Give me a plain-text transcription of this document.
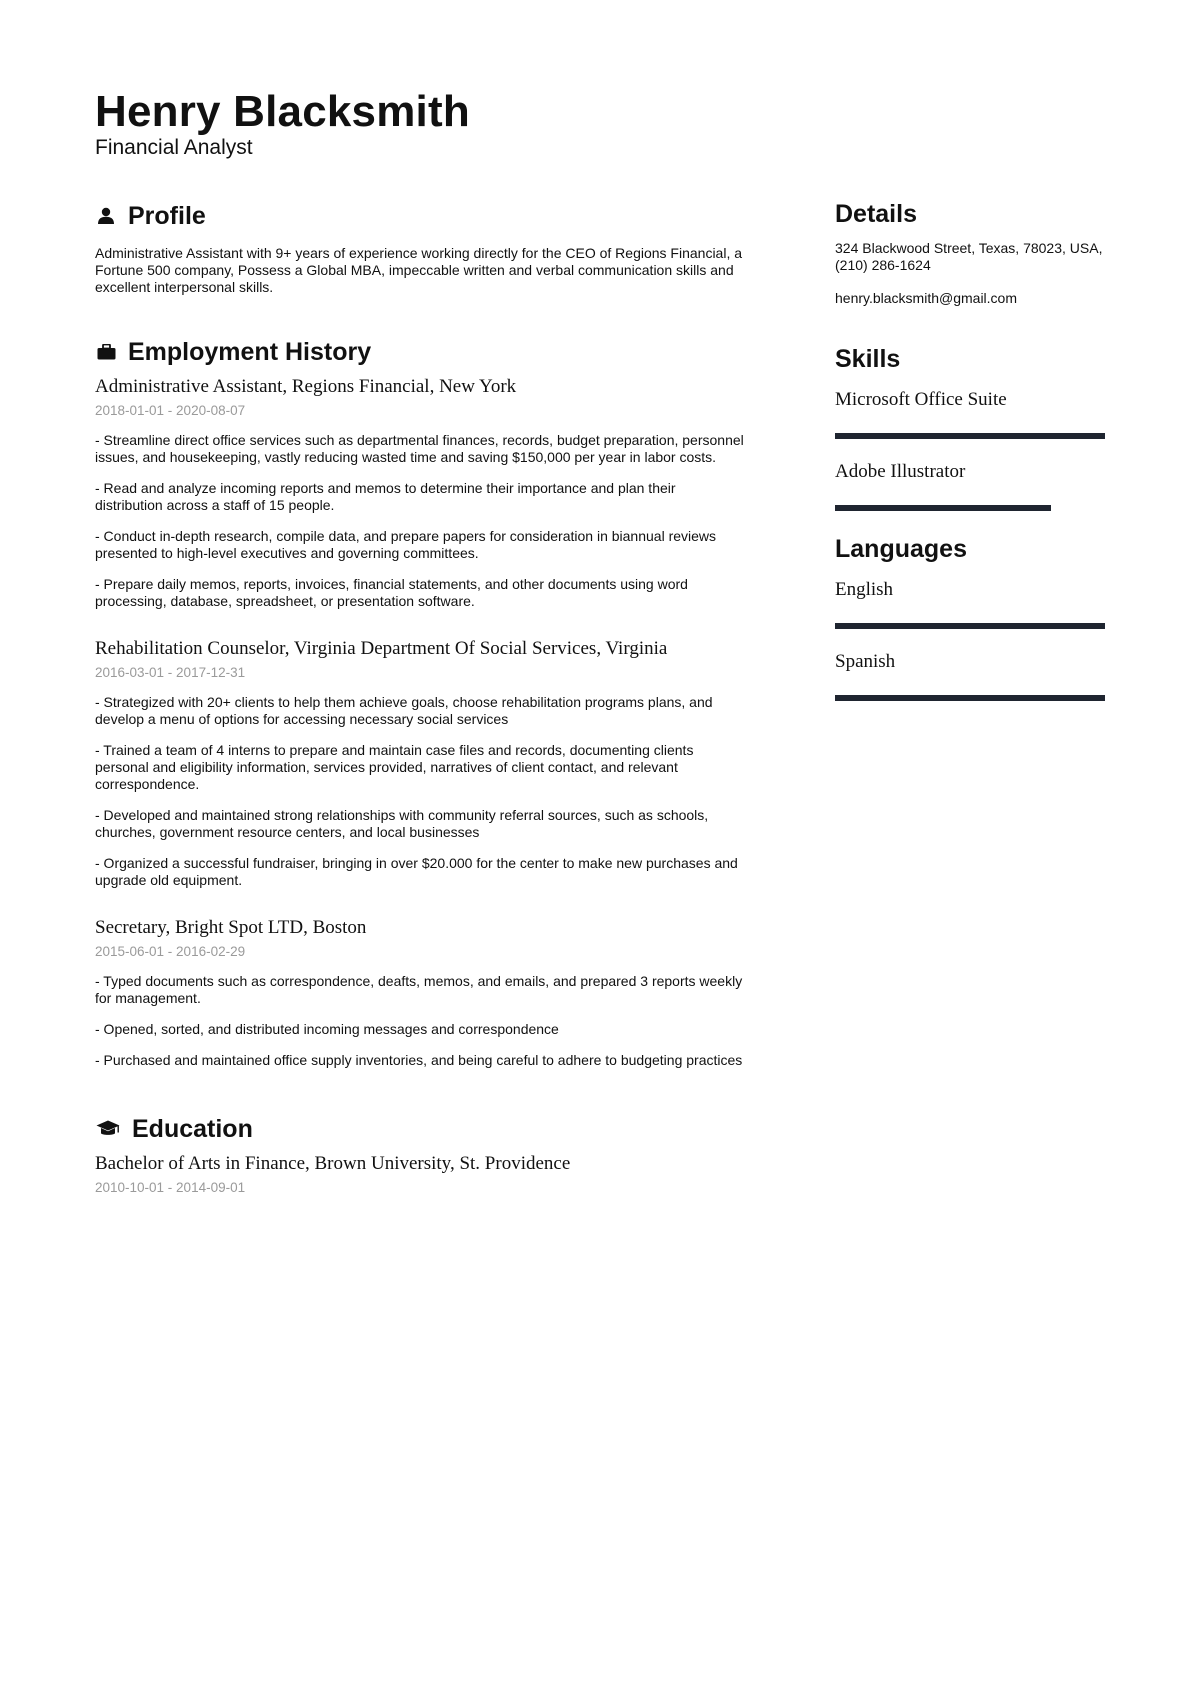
Henry Blacksmith
Financial Analyst
Profile

Administrative Assistant with 9+ years of experience working directly for the CEO of Regions Financial, a Fortune 500 company, Possess a Global MBA, impeccable written and verbal communication skills and excellent interpersonal skills.

Employment History

Administrative Assistant, Regions Financial, New York

2018-01-01 - 2020-08-07

- Streamline direct office services such as departmental finances, records, budget preparation, personnel issues, and housekeeping, vastly reducing wasted time and saving $150,000 per year in labor costs.

- Read and analyze incoming reports and memos to determine their importance and plan their distribution across a staff of 15 people.

- Conduct in-depth research, compile data, and prepare papers for consideration in biannual reviews presented to high-level executives and governing committees.

- Prepare daily memos, reports, invoices, financial statements, and other documents using word processing, database, spreadsheet, or presentation software.

Rehabilitation Counselor, Virginia Department Of Social Services, Virginia

2016-03-01 - 2017-12-31

- Strategized with 20+ clients to help them achieve goals, choose rehabilitation programs plans, and develop a menu of options for accessing necessary social services

- Trained a team of 4 interns to prepare and maintain case files and records, documenting clients personal and eligibility information, services provided, narratives of client contact, and relevant correspondence.

- Developed and maintained strong relationships with community referral sources, such as schools, churches, government resource centers, and local businesses

- Organized a successful fundraiser, bringing in over $20.000 for the center to make new purchases and upgrade old equipment.

Secretary, Bright Spot LTD, Boston

2015-06-01 - 2016-02-29

- Typed documents such as correspondence, deafts, memos, and emails, and prepared 3 reports weekly for management.

- Opened, sorted, and distributed incoming messages and correspondence

- Purchased and maintained office supply inventories, and being careful to adhere to budgeting practices

Education

Bachelor of Arts in Finance, Brown University, St. Providence

2010-10-01 - 2014-09-01

Details

324 Blackwood Street, Texas, 78023, USA, (210) 286-1624

henry.blacksmith@gmail.com

Skills

Microsoft Office Suite

Adobe Illustrator

Languages

English

Spanish
